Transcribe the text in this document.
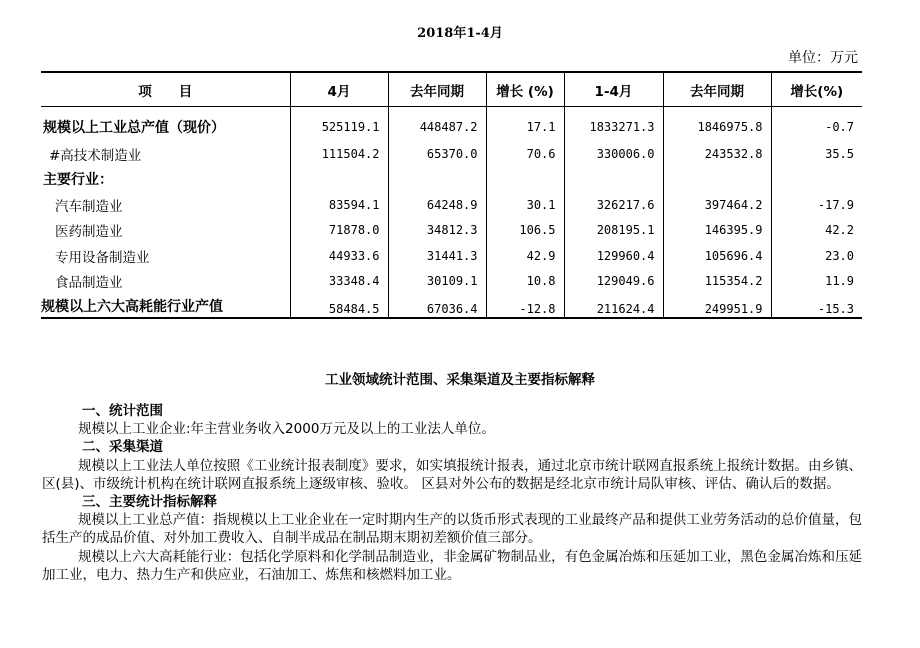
2018年1-4月
单位：万元
项　　目	4月	去年同期	增长 (%)	1-4月	去年同期	增长(%)
规模以上工业总产值（现价）	525119.1	448487.2	17.1	1833271.3	1846975.8	-0.7
#高技术制造业	111504.2	65370.0	70.6	330006.0	243532.8	35.5
主要行业：						
汽车制造业	83594.1	64248.9	30.1	326217.6	397464.2	-17.9
医药制造业	71878.0	34812.3	106.5	208195.1	146395.9	42.2
专用设备制造业	44933.6	31441.3	42.9	129960.4	105696.4	23.0
食品制造业	33348.4	30109.1	10.8	129049.6	115354.2	11.9
规模以上六大高耗能行业产值	58484.5	67036.4	-12.8	211624.4	249951.9	-15.3
工业领域统计范围、采集渠道及主要指标解释

一、统计范围

规模以上工业企业:年主营业务收入2000万元及以上的工业法人单位。

二、采集渠道

规模以上工业法人单位按照《工业统计报表制度》要求，如实填报统计报表，通过北京市统计联网直报系统上报统计数据。由乡镇、区(县)、市级统计机构在统计联网直报系统上逐级审核、验收。 区县对外公布的数据是经北京市统计局队审核、评估、确认后的数据。

三、主要统计指标解释

规模以上工业总产值：指规模以上工业企业在一定时期内生产的以货币形式表现的工业最终产品和提供工业劳务活动的总价值量，包括生产的成品价值、对外加工费收入、自制半成品在制品期末期初差额价值三部分。

规模以上六大高耗能行业：包括化学原料和化学制品制造业，非金属矿物制品业，有色金属冶炼和压延加工业，黑色金属冶炼和压延加工业，电力、热力生产和供应业，石油加工、炼焦和核燃料加工业。
